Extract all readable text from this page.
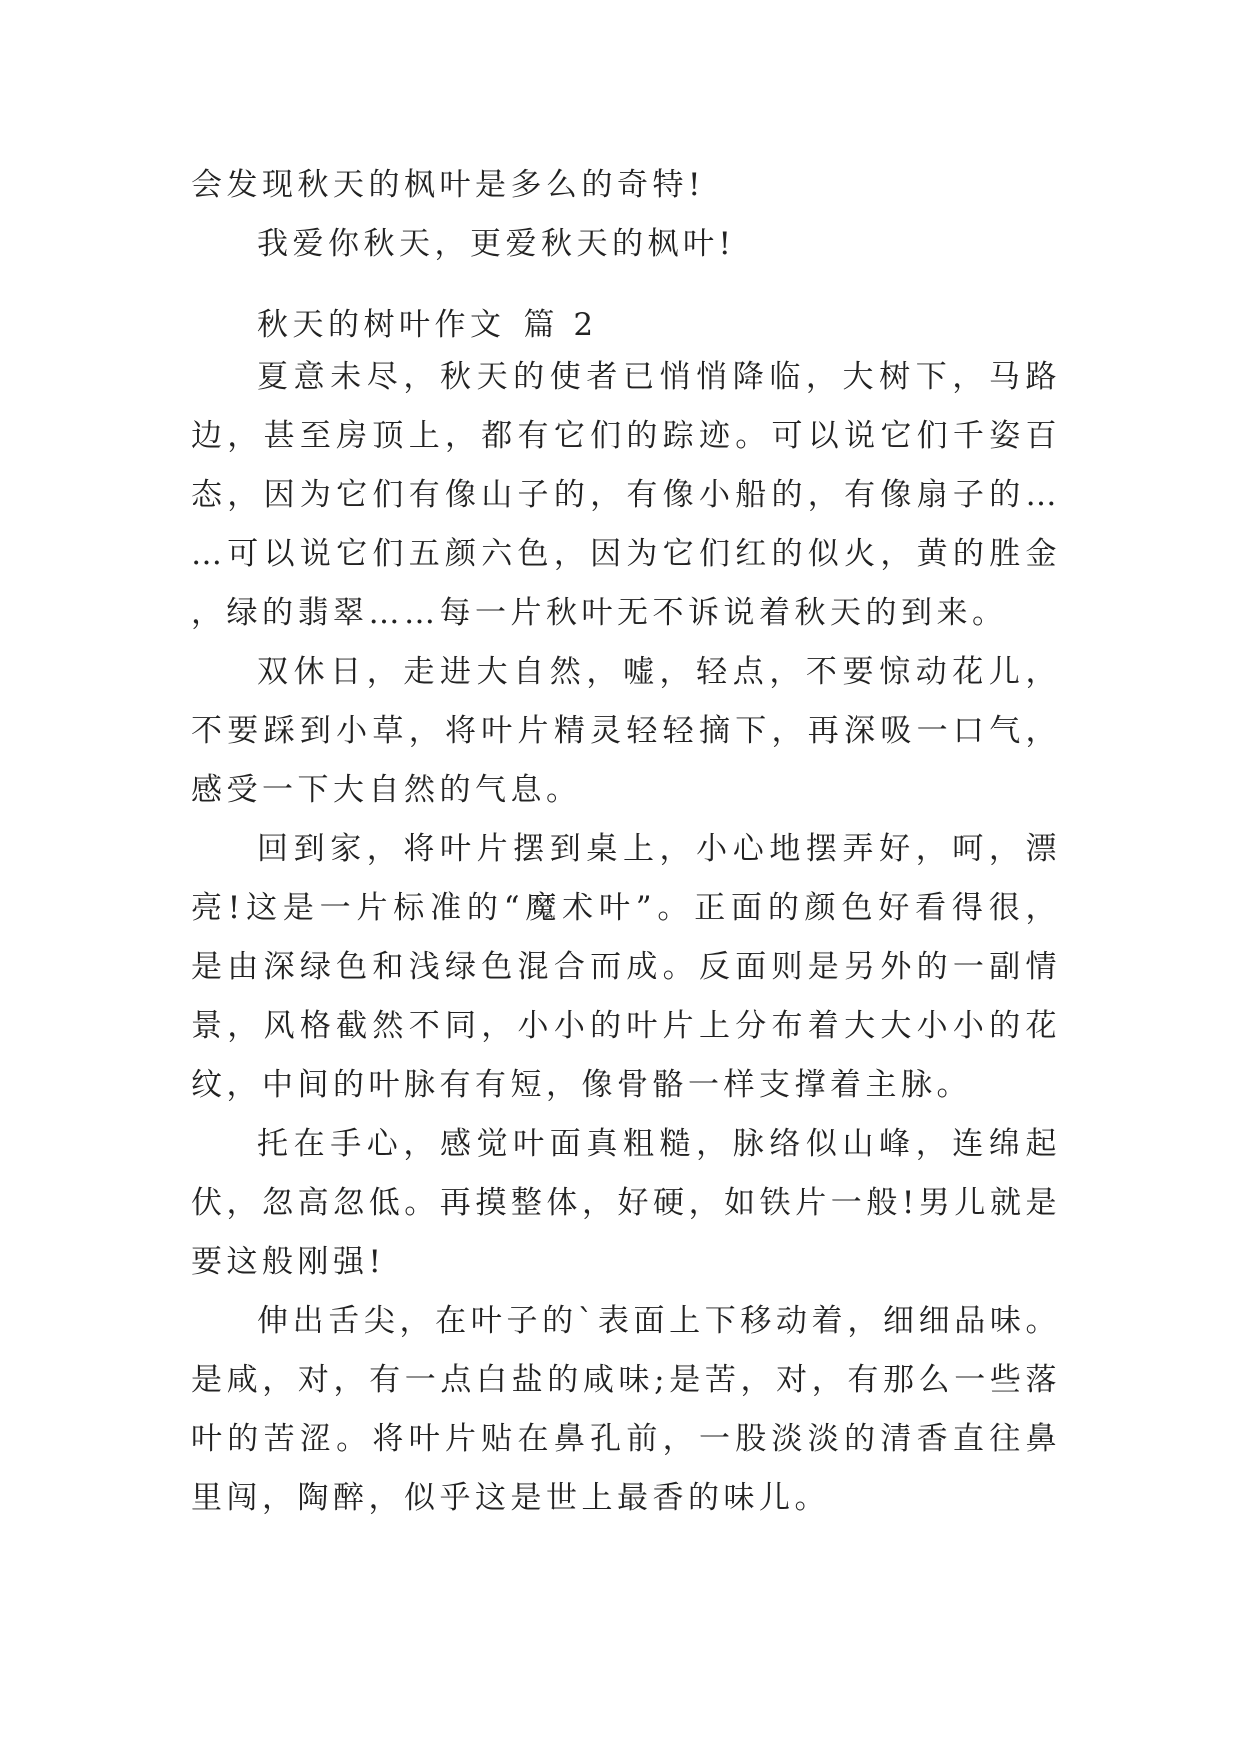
会发现秋天的枫叶是多么的奇特!

我爱你秋天，更爱秋天的枫叶!

秋天的树叶作文 篇 2

夏意未尽，秋天的使者已悄悄降临，大树下，马路边，甚至房顶上，都有它们的踪迹。可以说它们千姿百态，因为它们有像山子的，有像小船的，有像扇子的……可以说它们五颜六色，因为它们红的似火，黄的胜金，绿的翡翠……每一片秋叶无不诉说着秋天的到来。

双休日，走进大自然，嘘，轻点，不要惊动花儿，不要踩到小草，将叶片精灵轻轻摘下，再深吸一口气，感受一下大自然的气息。

回到家，将叶片摆到桌上，小心地摆弄好，呵，漂亮!这是一片标准的“魔术叶”。正面的颜色好看得很，是由深绿色和浅绿色混合而成。反面则是另外的一副情景，风格截然不同，小小的叶片上分布着大大小小的花纹，中间的叶脉有有短，像骨骼一样支撑着主脉。

托在手心，感觉叶面真粗糙，脉络似山峰，连绵起伏，忽高忽低。再摸整体，好硬，如铁片一般!男儿就是要这般刚强!

伸出舌尖，在叶子的`表面上下移动着，细细品味。是咸，对，有一点白盐的咸味;是苦，对，有那么一些落叶的苦涩。将叶片贴在鼻孔前，一股淡淡的清香直往鼻里闯，陶醉，似乎这是世上最香的味儿。
